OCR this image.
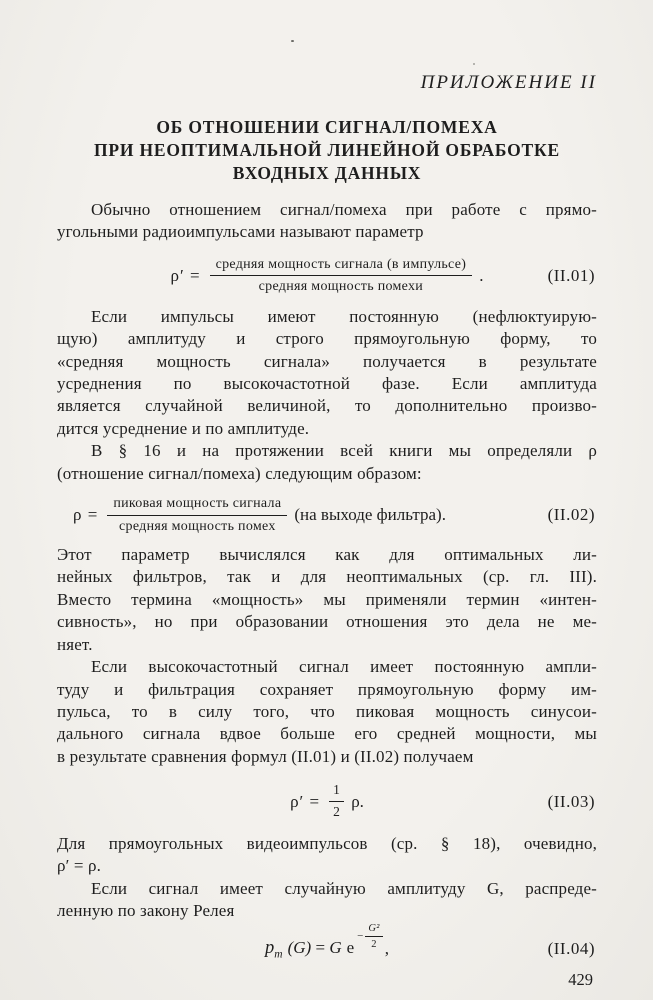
ПРИЛОЖЕНИЕ II
ОБ ОТНОШЕНИИ СИГНАЛ/ПОМЕХА
ПРИ НЕОПТИМАЛЬНОЙ ЛИНЕЙНОЙ ОБРАБОТКЕ
ВХОДНЫХ ДАННЫХ
Обычно отношением сигнал/помеха при работе с прямо-
угольными радиоимпульсами называют параметр
$\rho' = \frac{\text{средняя мощность сигнала (в импульсе)}}{\text{средняя мощность помехи}}$ .	(II.01)
Если импульсы имеют постоянную (нефлюктуирую-
щую) амплитуду и строго прямоугольную форму, то
«средняя мощность сигнала» получается в результате
усреднения по высокочастотной фазе. Если амплитуда
является случайной величиной, то дополнительно произво-
дится усреднение и по амплитуде.
В § 16 и на протяжении всей книги мы определяли ρ
(отношение сигнал/помеха) следующим образом:
$\rho = \frac{\text{пиковая мощность сигнала}}{\text{средняя мощность помех}} (на$ выходе фильтра).	(II.02)
Этот параметр вычислялся как для оптимальных ли-
нейных фильтров, так и для неоптимальных (ср. гл. III).
Вместо термина «мощность» мы применяли термин «интен-
сивность», но при образовании отношения это дела не ме-
няет.
Если высокочастотный сигнал имеет постоянную ампли-
туду и фильтрация сохраняет прямоугольную форму им-
пульса, то в силу того, что пиковая мощность синусои-
дального сигнала вдвое больше его средней мощности, мы
в результате сравнения формул (II.01) и (II.02) получаем
$\rho' = \frac{1}{2} \rho$.	(II.03)
Для прямоугольных видеоимпульсов (ср. § 18), очевидно,
ρ′ = ρ.
Если сигнал имеет случайную амплитуду G, распреде-
ленную по закону Релея
$p_m$ (G) = G e
− $\frac{\text{G²}}{2}$ ,	(II.04)
429
